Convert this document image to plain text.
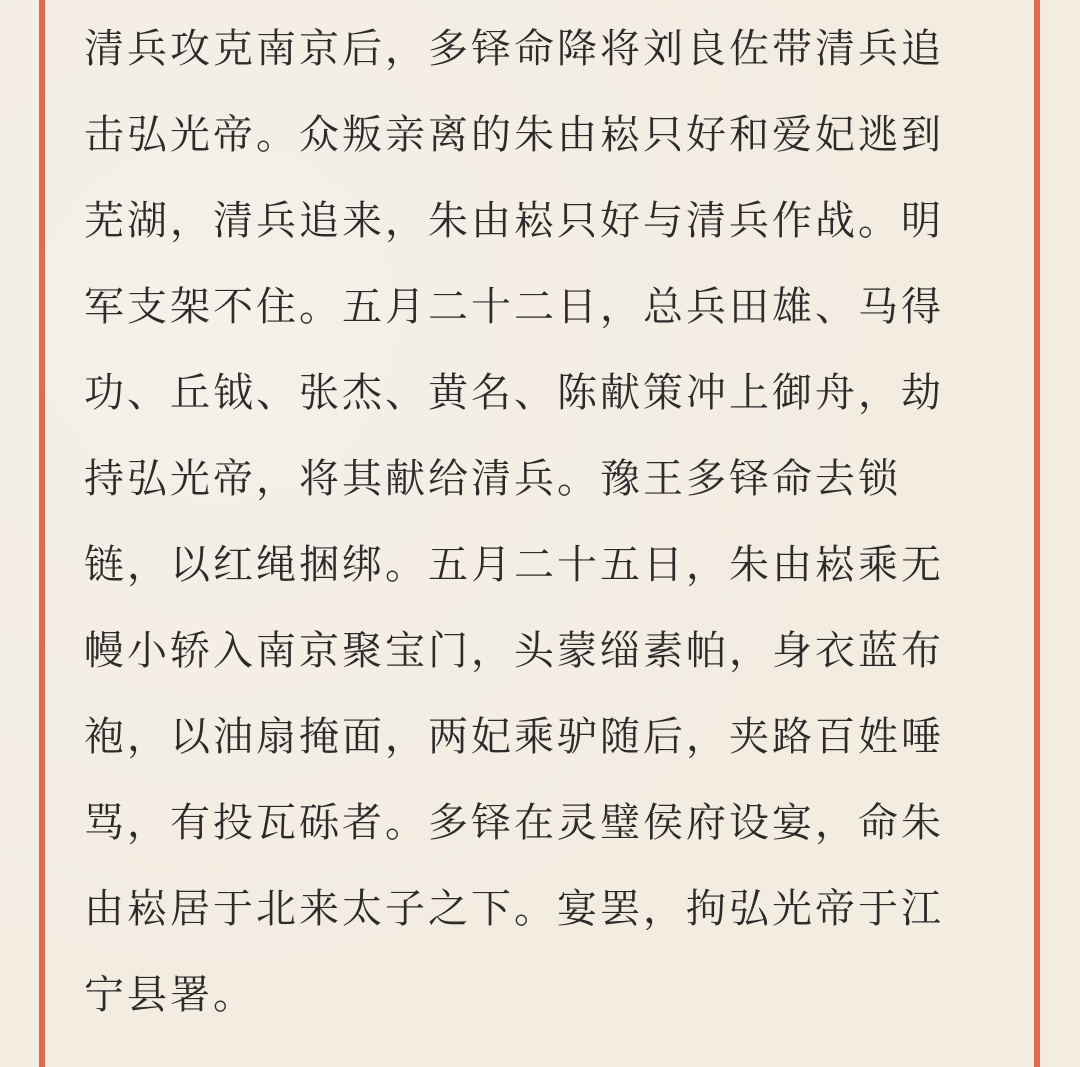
清兵攻克南京后，多铎命降将刘良佐带清兵追
击弘光帝。众叛亲离的朱由崧只好和爱妃逃到
芜湖，清兵追来，朱由崧只好与清兵作战。明
军支架不住。五月二十二日，总兵田雄、马得
功、丘钺、张杰、黄名、陈献策冲上御舟，劫
持弘光帝，将其献给清兵。豫王多铎命去锁
链，以红绳捆绑。五月二十五日，朱由崧乘无
幔小轿入南京聚宝门，头蒙缁素帕，身衣蓝布
袍，以油扇掩面，两妃乘驴随后，夹路百姓唾
骂，有投瓦砾者。多铎在灵璧侯府设宴，命朱
由崧居于北来太子之下。宴罢，拘弘光帝于江
宁县署。
